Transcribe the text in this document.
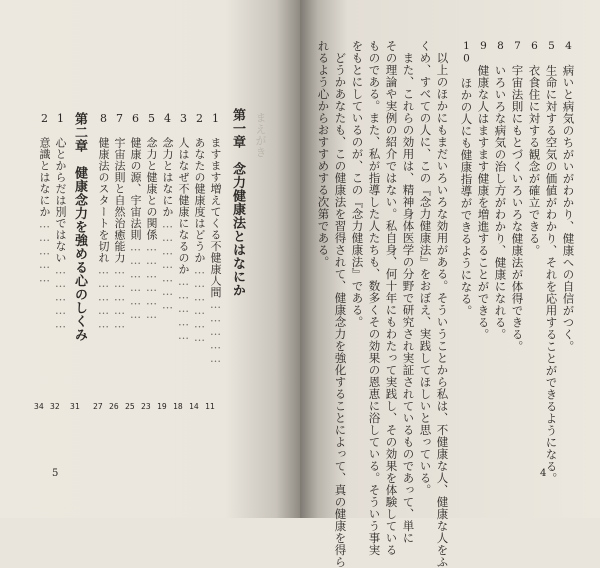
4　病いと病気のちがいがわかり、健康への自信がつく。
5　生命に対する空気の価値がわかり、それを応用することができるようになる。
6　衣食住に対する観念が確立できる。
7　宇宙法則にもとづくいろいろな健康法が体得できる。
8　いろいろな病気の治し方がわかり、健康になれる。
9　健康な人はますます健康を増進することができる。
10　ほかの人にも健康指導ができるようになる。
以上のほかにもまだいろいろな効用がある。そういうことから私は、不健康な人、健康な人をふ
くめ、すべての人に、この『念力健康法』をおぼえ、実践してほしいと思っている。
また、これらの効用は、精神身体医学の分野で研究され実証されているものであって、単に
その理論や実例の紹介ではない。私自身、何十年にもわたって実践し、その効果を体験している
ものである。また、私が指導した人たちも、数多くその効果の恩恵に浴している。そういう事実
をもとにしているのが、この『念力健康法』である。
どうかあなたも、この健康法を習得されて、健康念力を強化することによって、真の健康を得ら
れるよう心からおすすめする次第である。
4
まえがき
第一章　念力健康法とはなにか
1　ますます増えてくる不健康人間……………
2　あなたの健康度はどうか………………
3　人はなぜ不健康になるのか……………
4　念力とはなにか…………………
5　念力と健康との関係………………
6　健康の源、宇宙法則………………
7　宇宙法則と自然治癒能力……………
8　健康法のスタートを切れ……………
第二章　健康念力を強める心のしくみ
1　心とからだは別ではない……………
2　意識とはなにか……………
11
14
18
19
23
25
26
27
31
32
34
5
